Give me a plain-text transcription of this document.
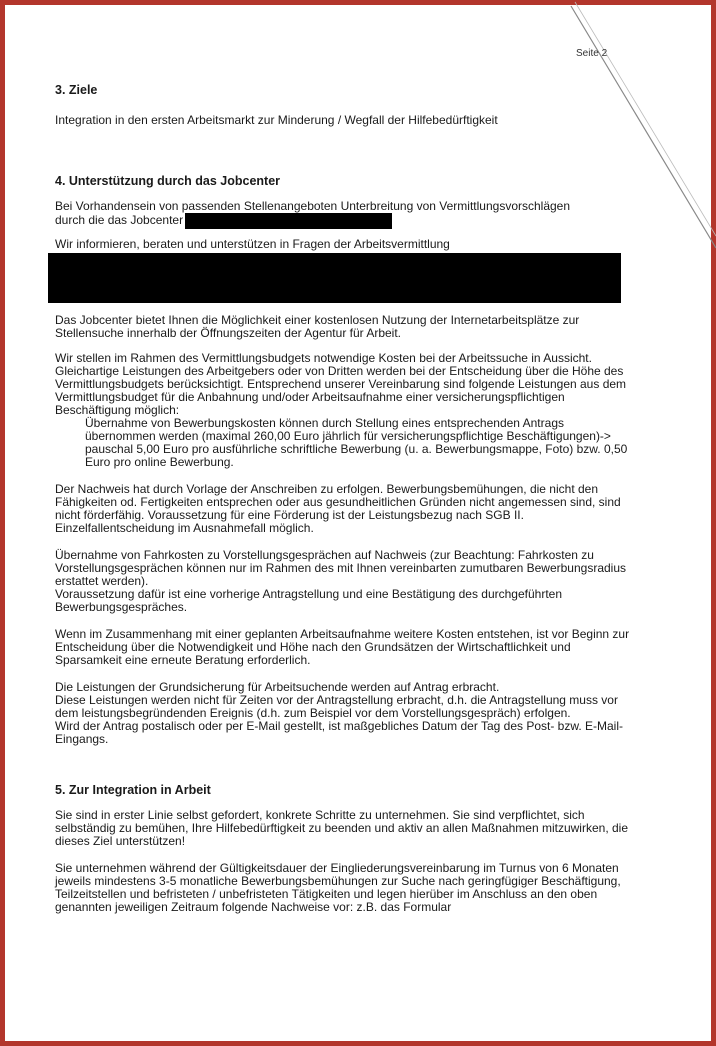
Seite 2
3. Ziele

Integration in den ersten Arbeitsmarkt zur Minderung / Wegfall der Hilfebedürftigkeit

4. Unterstützung durch das Jobcenter

Bei Vorhandensein von passenden Stellenangeboten Unterbreitung von Vermittlungsvorschlägen
durch die das Jobcenter

Wir informieren, beraten und unterstützen in Fragen der Arbeitsvermittlung

Das Jobcenter bietet Ihnen die Möglichkeit einer kostenlosen Nutzung der Internetarbeitsplätze zur Stellensuche innerhalb der Öffnungszeiten der Agentur für Arbeit.

Wir stellen im Rahmen des Vermittlungsbudgets notwendige Kosten bei der Arbeitssuche in Aussicht. Gleichartige Leistungen des Arbeitgebers oder von Dritten werden bei der Entscheidung über die Höhe des Vermittlungsbudgets berücksichtigt. Entsprechend unserer Vereinbarung sind folgende Leistungen aus dem Vermittlungsbudget für die Anbahnung und/oder Arbeitsaufnahme einer versicherungspflichtigen Beschäftigung möglich:

Übernahme von Bewerbungskosten können durch Stellung eines entsprechenden Antrags übernommen werden (maximal 260,00 Euro jährlich für versicherungspflichtige Beschäftigungen)-> pauschal 5,00 Euro pro ausführliche schriftliche Bewerbung (u. a. Bewerbungsmappe, Foto) bzw. 0,50 Euro pro online Bewerbung.

Der Nachweis hat durch Vorlage der Anschreiben zu erfolgen. Bewerbungsbemühungen, die nicht den Fähigkeiten od. Fertigkeiten entsprechen oder aus gesundheitlichen Gründen nicht angemessen sind, sind nicht förderfähig. Voraussetzung für eine Förderung ist der Leistungsbezug nach SGB II. Einzelfallentscheidung im Ausnahmefall möglich.

Übernahme von Fahrkosten zu Vorstellungsgesprächen auf Nachweis (zur Beachtung: Fahrkosten zu Vorstellungsgesprächen können nur im Rahmen des mit Ihnen vereinbarten zumutbaren Bewerbungsradius erstattet werden).

Voraussetzung dafür ist eine vorherige Antragstellung und eine Bestätigung des durchgeführten Bewerbungsgespräches.

Wenn im Zusammenhang mit einer geplanten Arbeitsaufnahme weitere Kosten entstehen, ist vor Beginn zur Entscheidung über die Notwendigkeit und Höhe nach den Grundsätzen der Wirtschaftlichkeit und Sparsamkeit eine erneute Beratung erforderlich.

Die Leistungen der Grundsicherung für Arbeitsuchende werden auf Antrag erbracht.

Diese Leistungen werden nicht für Zeiten vor der Antragstellung erbracht, d.h. die Antragstellung muss vor dem leistungsbegründenden Ereignis (d.h. zum Beispiel vor dem Vorstellungsgespräch) erfolgen.

Wird der Antrag postalisch oder per E-Mail gestellt, ist maßgebliches Datum der Tag des Post- bzw. E-Mail-Eingangs.

5. Zur Integration in Arbeit

Sie sind in erster Linie selbst gefordert, konkrete Schritte zu unternehmen. Sie sind verpflichtet, sich selbständig zu bemühen, Ihre Hilfebedürftigkeit zu beenden und aktiv an allen Maßnahmen mitzuwirken, die dieses Ziel unterstützen!

Sie unternehmen während der Gültigkeitsdauer der Eingliederungsvereinbarung im Turnus von 6 Monaten jeweils mindestens 3-5 monatliche Bewerbungsbemühungen zur Suche nach geringfügiger Beschäftigung, Teilzeitstellen und befristeten / unbefristeten Tätigkeiten und legen hierüber im Anschluss an den oben genannten jeweiligen Zeitraum folgende Nachweise vor: z.B. das Formular
